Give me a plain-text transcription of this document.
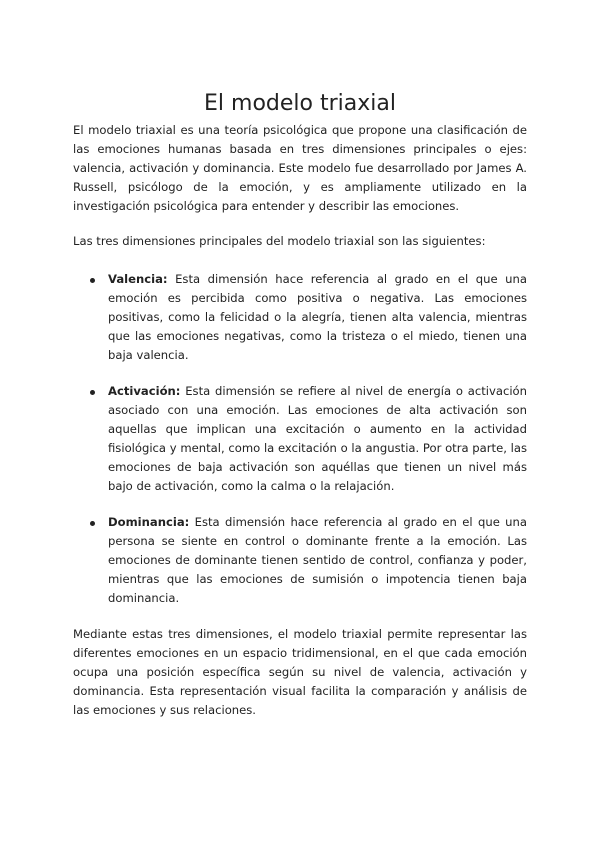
El modelo triaxial

El modelo triaxial es una teoría psicológica que propone una clasificación de las emociones humanas basada en tres dimensiones principales o ejes: valencia, activación y dominancia. Este modelo fue desarrollado por James A. Russell, psicólogo de la emoción, y es ampliamente utilizado en la investigación psicológica para entender y describir las emociones.

Las tres dimensiones principales del modelo triaxial son las siguientes:

Valencia: Esta dimensión hace referencia al grado en el que una emoción es percibida como positiva o negativa. Las emociones positivas, como la felicidad o la alegría, tienen alta valencia, mientras que las emociones negativas, como la tristeza o el miedo, tienen una baja valencia.
Activación: Esta dimensión se refiere al nivel de energía o activación asociado con una emoción. Las emociones de alta activación son aquellas que implican una excitación o aumento en la actividad fisiológica y mental, como la excitación o la angustia. Por otra parte, las emociones de baja activación son aquéllas que tienen un nivel más bajo de activación, como la calma o la relajación.
Dominancia: Esta dimensión hace referencia al grado en el que una persona se siente en control o dominante frente a la emoción. Las emociones de dominante tienen sentido de control, confianza y poder, mientras que las emociones de sumisión o impotencia tienen baja dominancia.

Mediante estas tres dimensiones, el modelo triaxial permite representar las diferentes emociones en un espacio tridimensional, en el que cada emoción ocupa una posición específica según su nivel de valencia, activación y dominancia. Esta representación visual facilita la comparación y análisis de las emociones y sus relaciones.
